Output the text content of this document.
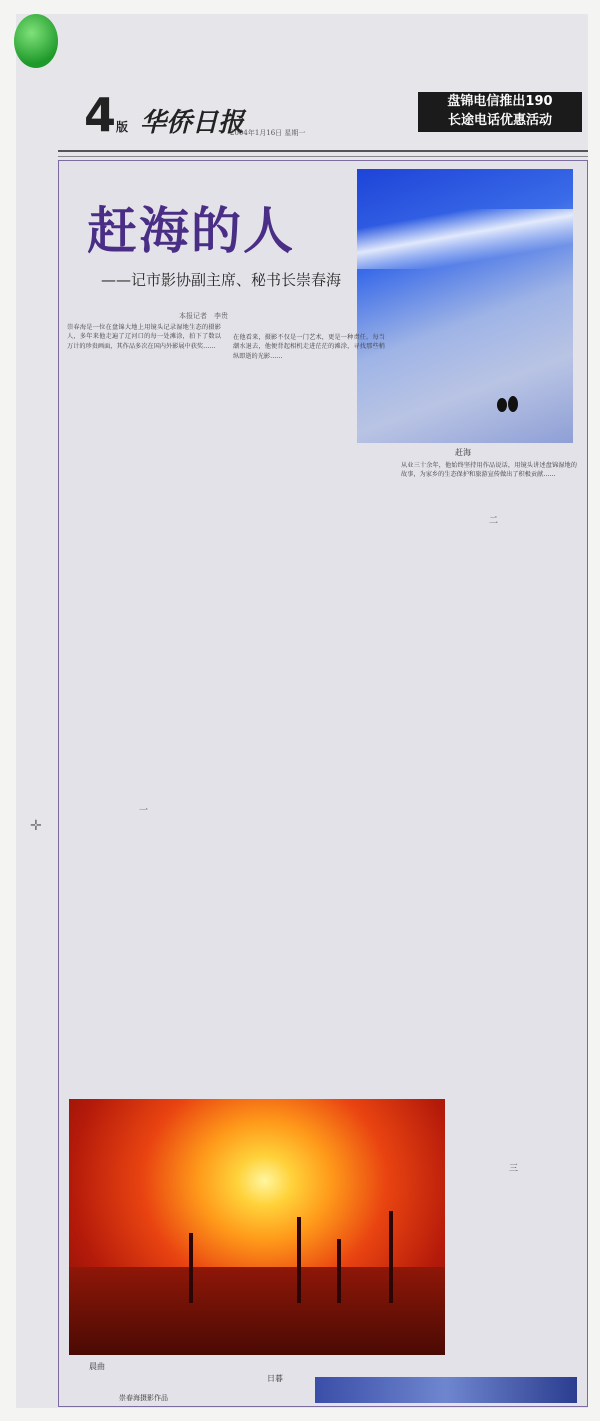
4版 华侨日报
2004年1月16日 星期一
盘锦电信推出190
长途电话优惠活动
赶海的人
——记市影协副主席、秘书长崇春海
本报记者　李贵
赶海
崇春海是一位在盘锦大地上用镜头记录湿地生态的摄影人，多年来他走遍了辽河口的每一处滩涂，拍下了数以万计的珍贵画面，其作品多次在国内外影展中获奖……
在他看来，摄影不仅是一门艺术，更是一种责任。每当潮水退去，他便背起相机走进茫茫的滩涂，寻找那些稍纵即逝的光影……
从业三十余年，他始终坚持用作品说话，用镜头讲述盘锦湿地的故事，为家乡的生态保护和旅游宣传做出了积极贡献……
一
二
三
晨曲
崇春海摄影作品
日暮
✛
